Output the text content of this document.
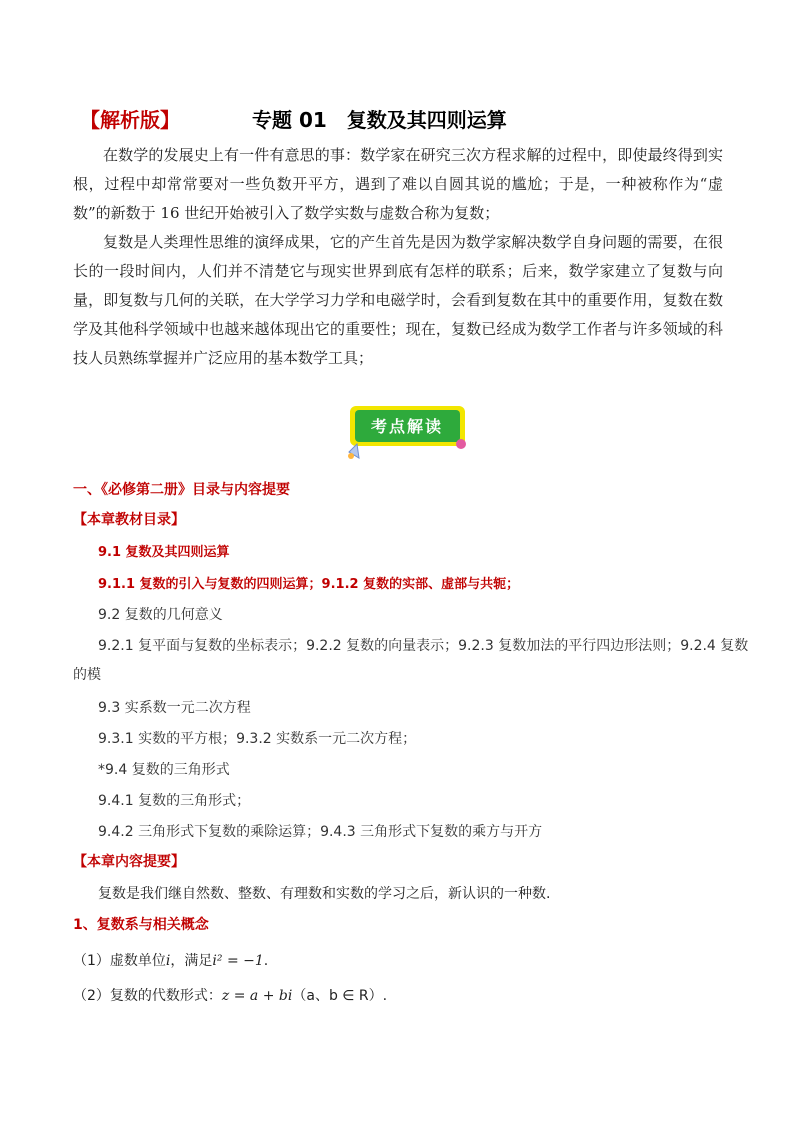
【解析版】	专题 01　复数及其四则运算

在数学的发展史上有一件有意思的事：数学家在研究三次方程求解的过程中，即使最终得到实根，过程中却常常要对一些负数开平方，遇到了难以自圆其说的尴尬；于是，一种被称作为“虚数”的新数于 16 世纪开始被引入了数学实数与虚数合称为复数；

复数是人类理性思维的演绎成果，它的产生首先是因为数学家解决数学自身问题的需要，在很长的一段时间内，人们并不清楚它与现实世界到底有怎样的联系；后来，数学家建立了复数与向量，即复数与几何的关联，在大学学习力学和电磁学时，会看到复数在其中的重要作用，复数在数学及其他科学领域中也越来越体现出它的重要性；现在，复数已经成为数学工作者与许多领域的科技人员熟练掌握并广泛应用的基本数学工具；

考点解读
一、《必修第二册》目录与内容提要
【本章教材目录】
9.1 复数及其四则运算
9.1.1 复数的引入与复数的四则运算；9.1.2 复数的实部、虚部与共轭；
9.2 复数的几何意义
9.2.1 复平面与复数的坐标表示；9.2.2 复数的向量表示；9.2.3 复数加法的平行四边形法则；9.2.4 复数
的模
9.3 实系数一元二次方程
9.3.1 实数的平方根；9.3.2 实数系一元二次方程；
*9.4 复数的三角形式
9.4.1 复数的三角形式；
9.4.2 三角形式下复数的乘除运算；9.4.3 三角形式下复数的乘方与开方
【本章内容提要】
复数是我们继自然数、整数、有理数和实数的学习之后，新认识的一种数.
1、复数系与相关概念
（1）虚数单位i，满足i² = −1.
（2）复数的代数形式：z = a + bi（a、b ∈ R）.
